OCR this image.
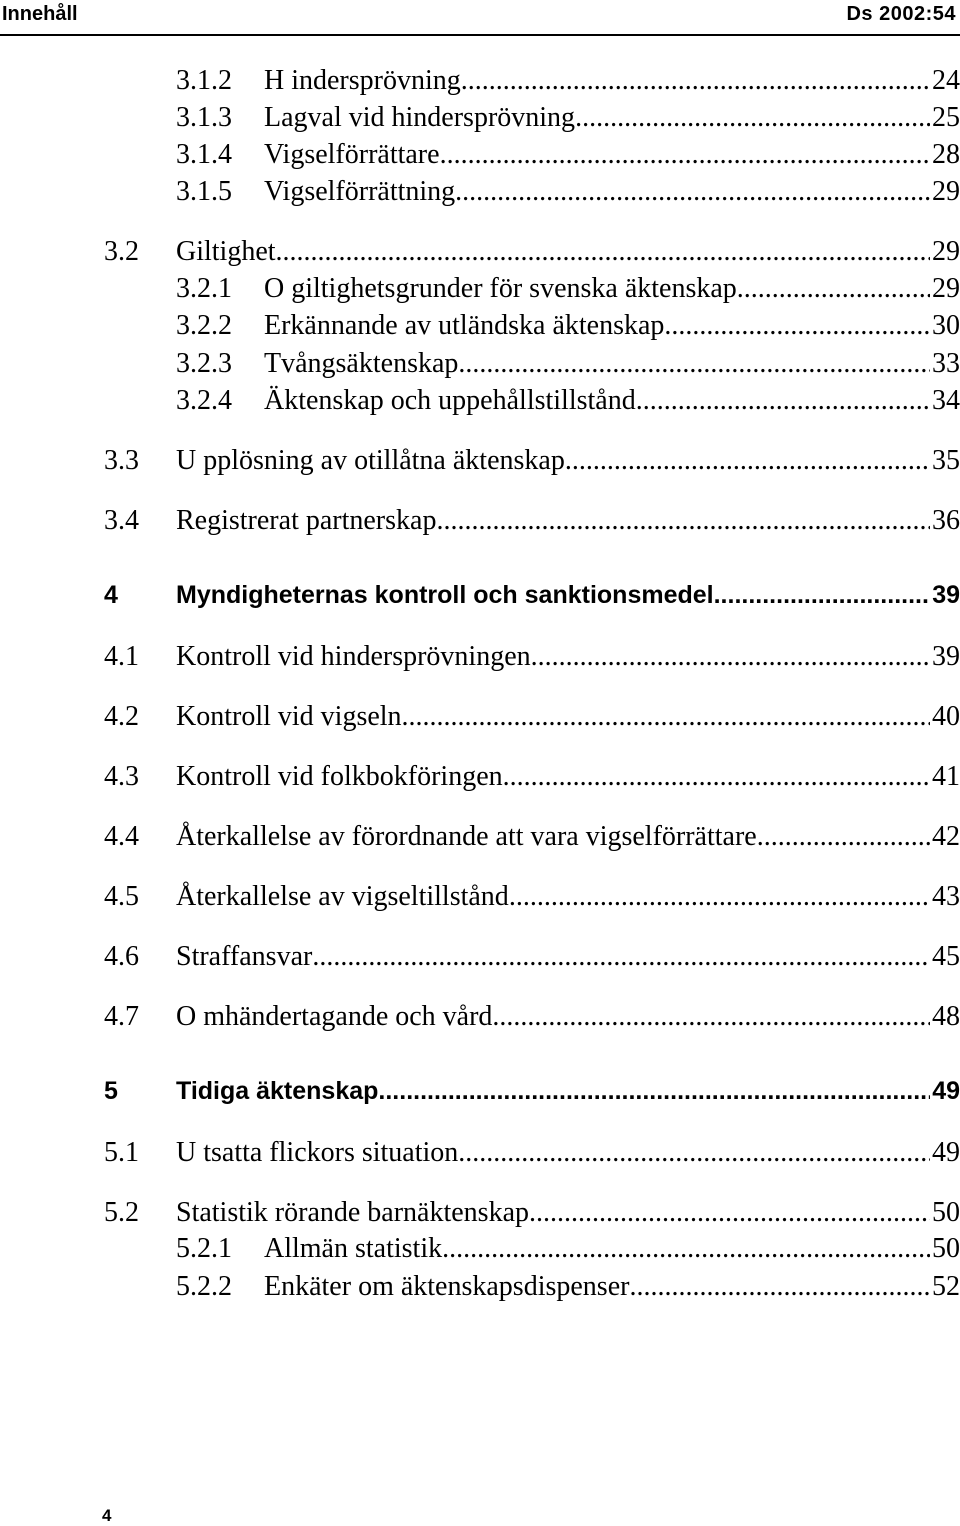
Innehåll	Ds 2002:54
3.1.2	H indersprövning .....	24
3.1.3	Lagval vid hindersprövning .....	25
3.1.4	Vigselförrättare .....	28
3.1.5	Vigselförrättning .....	29
3.2	Giltighet .....	29
3.2.1	O giltighetsgrunder för svenska äktenskap .....	29
3.2.2	Erkännande av utländska äktenskap .....	30
3.2.3	Tvångsäktenskap .....	33
3.2.4	Äktenskap och uppehållstillstånd .....	34
3.3	U pplösning av otillåtna äktenskap .....	35
3.4	Registrerat partnerskap .....	36
4	Myndigheternas kontroll och sanktionsmedel .....	39
4.1	Kontroll vid hindersprövningen .....	39
4.2	Kontroll vid vigseln .....	40
4.3	Kontroll vid folkbokföringen .....	41
4.4	Återkallelse av förordnande att vara vigselförrättare .....	42
4.5	Återkallelse av vigseltillstånd .....	43
4.6	Straffansvar .....	45
4.7	O mhändertagande och vård .....	48
5	Tidiga äktenskap .....	49
5.1	U tsatta flickors situation .....	49
5.2	Statistik rörande barnäktenskap .....	50
5.2.1	Allmän statistik .....	50
5.2.2	Enkäter om äktenskapsdispenser .....	52
4
